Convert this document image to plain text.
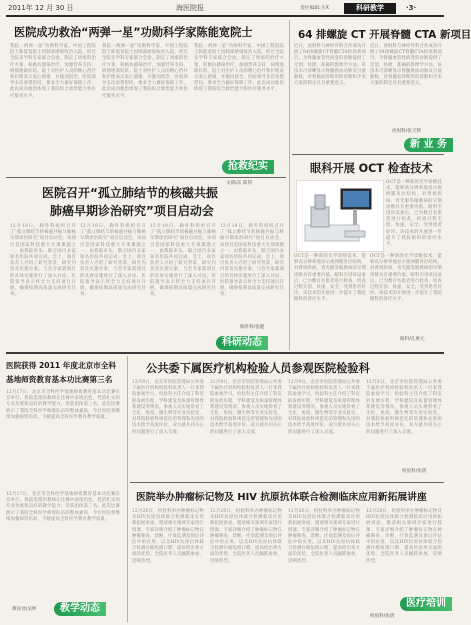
2011年 12 月 30 日	海医院报	责任编辑:王X	科研教学	·3·
医院成功救治“两弹一星”功勋科学家陈能宽院士
我院一两弹一星”功勋科学家、中国工程院院士陈能宽院士因肺部感染收治入院。经过全院多学科专家联合会诊，制定了周密的治疗方案，积极抗感染治疗，加强营养支持，病情逐渐好转。院士对医护人员的精心治疗和护理表示衷心感谢，并题词留念。医院领导多次看望慰问，要求全力做好保障工作。此次成功救治体现了我院综合救治能力和医疗服务水平。
我院一两弹一星”功勋科学家、中国工程院院士陈能宽院士因肺部感染收治入院。经过全院多学科专家联合会诊，制定了周密的治疗方案，积极抗感染治疗，加强营养支持，病情逐渐好转。院士对医护人员的精心治疗和护理表示衷心感谢，并题词留念。医院领导多次看望慰问，要求全力做好保障工作。此次成功救治体现了我院综合救治能力和医疗服务水平。
我院一两弹一星”功勋科学家、中国工程院院士陈能宽院士因肺部感染收治入院。经过全院多学科专家联合会诊，制定了周密的治疗方案，积极抗感染治疗，加强营养支持，病情逐渐好转。院士对医护人员的精心治疗和护理表示衷心感谢，并题词留念。医院领导多次看望慰问，要求全力做好保障工作。此次成功救治体现了我院综合救治能力和医疗服务水平。
文/陈东 郑剑
抢救纪实
64 排螺旋 CT 开展脊髓 CTA 新项目
近日，放射科与神经外科合作成功开展了64排螺旋CT脊髓CTA检查新项目，为脊髓血管性病变的诊断提供了无创、快捷、准确的影像学方法。该技术可清晰显示脊髓供血动脉及引流静脉，对脊髓血管畸形的诊断和手术方案的制定具有重要意义。
近日，放射科与神经外科合作成功开展了64排螺旋CT脊髓CTA检查新项目，为脊髓血管性病变的诊断提供了无创、快捷、准确的影像学方法。该技术可清晰显示脊髓供血动脉及引流静脉，对脊髓血管畸形的诊断和手术方案的制定具有重要意义。
放射科/张天辉
新 业 务
眼科开展 OCT 检查技术
OCT是一种新的光学诊断技术，能够高分辨率地显示视网膜各层结构，对黄斑疾病、青光眼等眼底病的早期诊断具有重要价值。眼科引进该设备后，已为数百名患者进行检查，检查过程无创、快速、安全，受到患者好评。该技术的开展进一步提升了我院眼科的诊疗水平。
OCT是一种新的光学诊断技术，能够高分辨率地显示视网膜各层结构，对黄斑疾病、青光眼等眼底病的早期诊断具有重要价值。眼科引进该设备后，已为数百名患者进行检查，检查过程无创、快速、安全，受到患者好评。该技术的开展进一步提升了我院眼科的诊疗水平。
OCT是一种新的光学诊断技术，能够高分辨率地显示视网膜各层结构，对黄斑疾病、青光眼等眼底病的早期诊断具有重要价值。眼科引进该设备后，已为数百名患者进行检查，检查过程无创、快速、安全，受到患者好评。该技术的开展进一步提升了我院眼科的诊疗水平。
眼科/孔惠元
医院召开“孤立肺结节的核磁共振
肺癌早期诊治研究”项目启动会
12月19日，胸外科组织召开了“孤立肺结节的核磁共振与肺癌早期诊治研究”项目启动会。该项目是国家科技重大专项课题之一，由我院牵头，联合国内多家知名医院共同完成。会上，项目负责人介绍了研究背景、研究内容及实施方案，与会专家就项目的具体实施进行了深入讨论。医院领导表示将全力支持项目开展，确保按期高质量完成研究任务。
12月19日，胸外科组织召开了“孤立肺结节的核磁共振与肺癌早期诊治研究”项目启动会。该项目是国家科技重大专项课题之一，由我院牵头，联合国内多家知名医院共同完成。会上，项目负责人介绍了研究背景、研究内容及实施方案，与会专家就项目的具体实施进行了深入讨论。医院领导表示将全力支持项目开展，确保按期高质量完成研究任务。
12月19日，胸外科组织召开了“孤立肺结节的核磁共振与肺癌早期诊治研究”项目启动会。该项目是国家科技重大专项课题之一，由我院牵头，联合国内多家知名医院共同完成。会上，项目负责人介绍了研究背景、研究内容及实施方案，与会专家就项目的具体实施进行了深入讨论。医院领导表示将全力支持项目开展，确保按期高质量完成研究任务。
12月19日，胸外科组织召开了“孤立肺结节的核磁共振与肺癌早期诊治研究”项目启动会。该项目是国家科技重大专项课题之一，由我院牵头，联合国内多家知名医院共同完成。会上，项目负责人介绍了研究背景、研究内容及实施方案，与会专家就项目的具体实施进行了深入讨论。医院领导表示将全力支持项目开展，确保按期高质量完成研究任务。
胸外科/张健
科研动态
医院获得 2011 年度北京市全科
基地师资教育基本功比赛第三名
12月17日，北京市全科医学基地师资教育基本功比赛在京举行。我院选派的教师在比赛中表现出色，凭借扎实的专业功底和良好的教学能力，荣获团体第三名。此次比赛展示了我院全科医学师资队伍的整体素质，今后医院将继续加强师资培训，不断提高全科医学教育教学质量。
12月17日，北京市全科医学基地师资教育基本功比赛在京举行。我院选派的教师在比赛中表现出色，凭借扎实的专业功底和良好的教学能力，荣获团体第三名。此次比赛展示了我院全科医学师资队伍的整体素质，今后医院将继续加强师资培训，不断提高全科医学教育教学质量。
教育处/吴婷	教学动态
公共委下属医疗机构检验人员参观医院检验科
12月9日，北京市医院管理局公共委下属医疗机构检验科负责人一行来我院参观学习。检验科主任介绍了科室的发展历程、学科建设及质量管理体系建设等情况。参观人员实地察看了生化、免疫、微生物等专业实验室，对我院检验科规范化的管理和先进的技术给予高度评价，双方就共同关心的问题进行了深入交流。
12月9日，北京市医院管理局公共委下属医疗机构检验科负责人一行来我院参观学习。检验科主任介绍了科室的发展历程、学科建设及质量管理体系建设等情况。参观人员实地察看了生化、免疫、微生物等专业实验室，对我院检验科规范化的管理和先进的技术给予高度评价，双方就共同关心的问题进行了深入交流。
12月9日，北京市医院管理局公共委下属医疗机构检验科负责人一行来我院参观学习。检验科主任介绍了科室的发展历程、学科建设及质量管理体系建设等情况。参观人员实地察看了生化、免疫、微生物等专业实验室，对我院检验科规范化的管理和先进的技术给予高度评价，双方就共同关心的问题进行了深入交流。
12月9日，北京市医院管理局公共委下属医疗机构检验科负责人一行来我院参观学习。检验科主任介绍了科室的发展历程、学科建设及质量管理体系建设等情况。参观人员实地察看了生化、免疫、微生物等专业实验室，对我院检验科规范化的管理和先进的技术给予高度评价，双方就共同关心的问题进行了深入交流。
检验科/张倩
医院举办肿瘤标记物及 HIV 抗原抗体联合检测临床应用新拓展讲座
12月20日，检验科举办肿瘤标记物及HIV抗原抗体联合检测临床应用新拓展讲座，邀请相关领域专家进行授课。专家详细介绍了肿瘤标记物在肿瘤筛查、诊断、疗效监测及预后评估中的应用，以及HIV抗原抗体联合检测在缩短窗口期、提高检出率方面的优势。全院医务人员踊跃参加，反响热烈。
12月20日，检验科举办肿瘤标记物及HIV抗原抗体联合检测临床应用新拓展讲座，邀请相关领域专家进行授课。专家详细介绍了肿瘤标记物在肿瘤筛查、诊断、疗效监测及预后评估中的应用，以及HIV抗原抗体联合检测在缩短窗口期、提高检出率方面的优势。全院医务人员踊跃参加，反响热烈。
12月20日，检验科举办肿瘤标记物及HIV抗原抗体联合检测临床应用新拓展讲座，邀请相关领域专家进行授课。专家详细介绍了肿瘤标记物在肿瘤筛查、诊断、疗效监测及预后评估中的应用，以及HIV抗原抗体联合检测在缩短窗口期、提高检出率方面的优势。全院医务人员踊跃参加，反响热烈。
12月20日，检验科举办肿瘤标记物及HIV抗原抗体联合检测临床应用新拓展讲座，邀请相关领域专家进行授课。专家详细介绍了肿瘤标记物在肿瘤筛查、诊断、疗效监测及预后评估中的应用，以及HIV抗原抗体联合检测在缩短窗口期、提高检出率方面的优势。全院医务人员踊跃参加，反响热烈。
检验科/张倩
医疗培训
